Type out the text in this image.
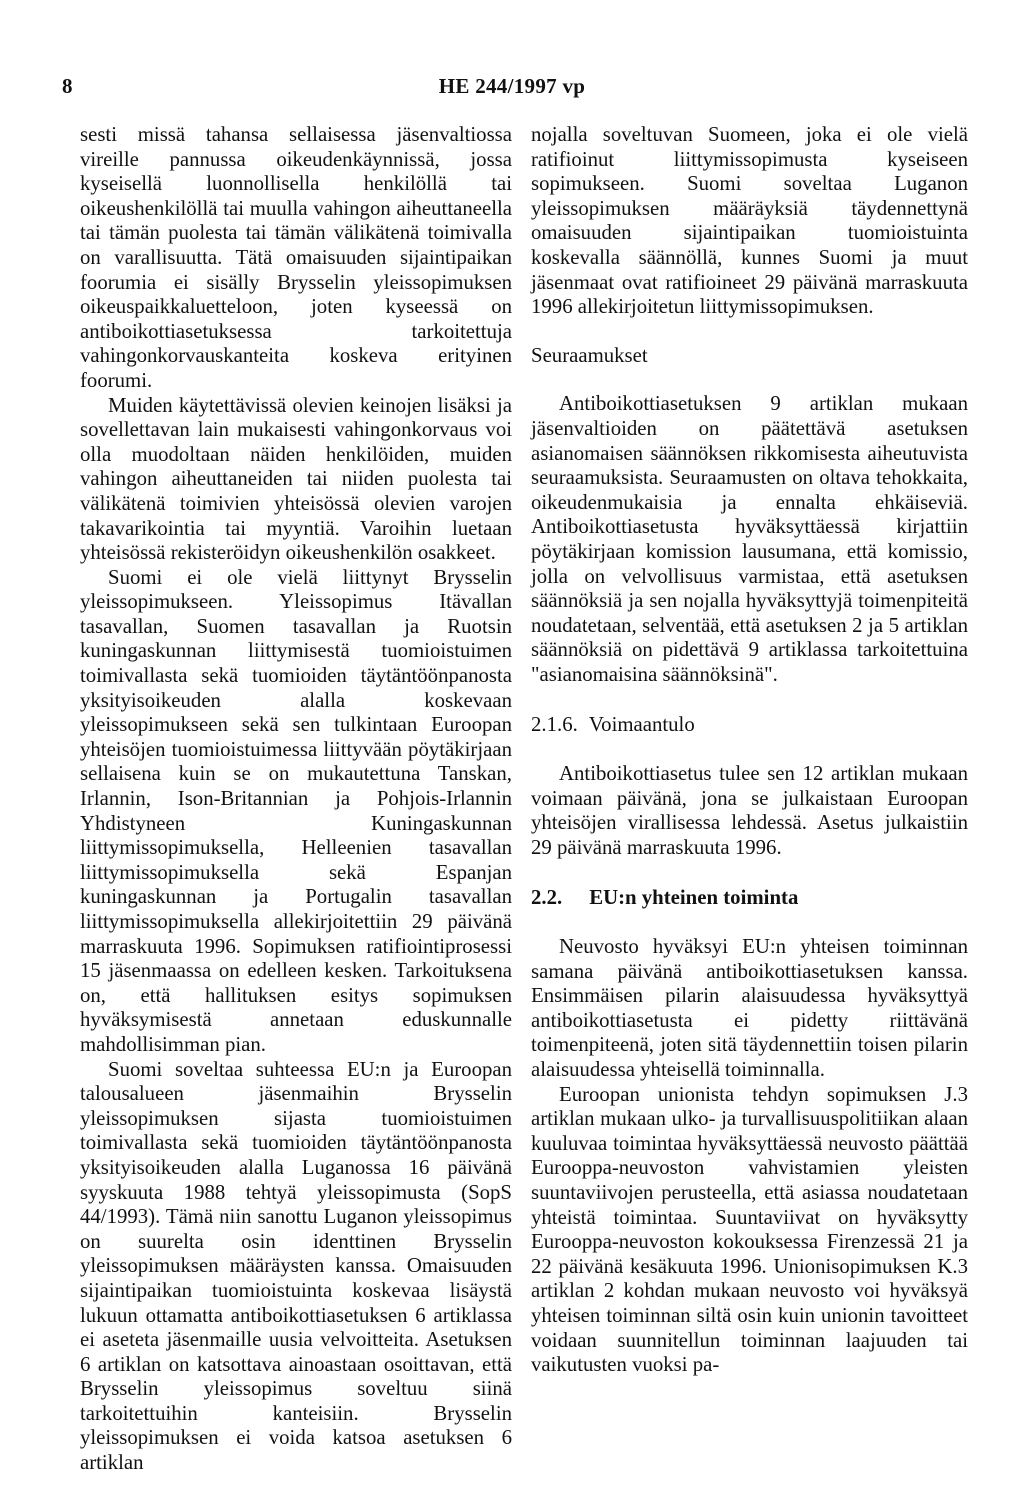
8	HE 244/1997 vp

sesti missä tahansa sellaisessa jäsenvaltiossa vireille pannussa oikeudenkäynnissä, jossa kyseisellä luonnollisella henkilöllä tai oikeushenkilöllä tai muulla vahingon aiheuttaneella tai tämän puolesta tai tämän välikätenä toimivalla on varallisuutta. Tätä omaisuuden sijaintipaikan foorumia ei sisälly Brysselin yleissopimuksen oikeuspaikkaluetteloon, joten kyseessä on antiboikottiasetuksessa tarkoitettuja vahingonkorvauskanteita koskeva erityinen foorumi.

Muiden käytettävissä olevien keinojen lisäksi ja sovellettavan lain mukaisesti vahingonkorvaus voi olla muodoltaan näiden henkilöiden, muiden vahingon aiheuttaneiden tai niiden puolesta tai välikätenä toimivien yhteisössä olevien varojen takavarikointia tai myyntiä. Varoihin luetaan yhteisössä rekisteröidyn oikeushenkilön osakkeet.

Suomi ei ole vielä liittynyt Brysselin yleissopimukseen. Yleissopimus Itävallan tasavallan, Suomen tasavallan ja Ruotsin kuningaskunnan liittymisestä tuomioistuimen toimivallasta sekä tuomioiden täytäntöönpanosta yksityisoikeuden alalla koskevaan yleissopimukseen sekä sen tulkintaan Euroopan yhteisöjen tuomioistuimessa liittyvään pöytäkirjaan sellaisena kuin se on mukautettuna Tanskan, Irlannin, Ison-Britannian ja Pohjois-Irlannin Yhdistyneen Kuningaskunnan liittymissopimuksella, Helleenien tasavallan liittymissopimuksella sekä Espanjan kuningaskunnan ja Portugalin tasavallan liittymissopimuksella allekirjoitettiin 29 päivänä marraskuuta 1996. Sopimuksen ratifiointiprosessi 15 jäsenmaassa on edelleen kesken. Tarkoituksena on, että hallituksen esitys sopimuksen hyväksymisestä annetaan eduskunnalle mahdollisimman pian.

Suomi soveltaa suhteessa EU:n ja Euroopan talousalueen jäsenmaihin Brysselin yleissopimuksen sijasta tuomioistuimen toimivallasta sekä tuomioiden täytäntöönpanosta yksityisoikeuden alalla Luganossa 16 päivänä syyskuuta 1988 tehtyä yleissopimusta (SopS 44/1993). Tämä niin sanottu Luganon yleissopimus on suurelta osin identtinen Brysselin yleissopimuksen määräysten kanssa. Omaisuuden sijaintipaikan tuomioistuinta koskevaa lisäystä lukuun ottamatta antiboikottiasetuksen 6 artiklassa ei aseteta jäsenmaille uusia velvoitteita. Asetuksen 6 artiklan on katsottava ainoastaan osoittavan, että Brysselin yleissopimus soveltuu siinä tarkoitettuihin kanteisiin. Brysselin yleissopimuksen ei voida katsoa asetuksen 6 artiklan

nojalla soveltuvan Suomeen, joka ei ole vielä ratifioinut liittymissopimusta kyseiseen sopimukseen. Suomi soveltaa Luganon yleissopimuksen määräyksiä täydennettynä omaisuuden sijaintipaikan tuomioistuinta koskevalla säännöllä, kunnes Suomi ja muut jäsenmaat ovat ratifioineet 29 päivänä marraskuuta 1996 allekirjoitetun liittymissopimuksen.

Seuraamukset

Antiboikottiasetuksen 9 artiklan mukaan jäsenvaltioiden on päätettävä asetuksen asianomaisen säännöksen rikkomisesta aiheutuvista seuraamuksista. Seuraamusten on oltava tehokkaita, oikeudenmukaisia ja ennalta ehkäiseviä. Antiboikottiasetusta hyväksyttäessä kirjattiin pöytäkirjaan komission lausumana, että komissio, jolla on velvollisuus varmistaa, että asetuksen säännöksiä ja sen nojalla hyväksyttyjä toimenpiteitä noudatetaan, selventää, että asetuksen 2 ja 5 artiklan säännöksiä on pidettävä 9 artiklassa tarkoitettuina "asianomaisina säännöksinä".

2.1.6. Voimaantulo

Antiboikottiasetus tulee sen 12 artiklan mukaan voimaan päivänä, jona se julkaistaan Euroopan yhteisöjen virallisessa lehdessä. Asetus julkaistiin 29 päivänä marraskuuta 1996.

2.2. EU:n yhteinen toiminta

Neuvosto hyväksyi EU:n yhteisen toiminnan samana päivänä antiboikottiasetuksen kanssa. Ensimmäisen pilarin alaisuudessa hyväksyttyä antiboikottiasetusta ei pidetty riittävänä toimenpiteenä, joten sitä täydennettiin toisen pilarin alaisuudessa yhteisellä toiminnalla.

Euroopan unionista tehdyn sopimuksen J.3 artiklan mukaan ulko- ja turvallisuuspolitiikan alaan kuuluvaa toimintaa hyväksyttäessä neuvosto päättää Eurooppa-neuvoston vahvistamien yleisten suuntaviivojen perusteella, että asiassa noudatetaan yhteistä toimintaa. Suuntaviivat on hyväksytty Eurooppa-neuvoston kokouksessa Firenzessä 21 ja 22 päivänä kesäkuuta 1996. Unionisopimuksen K.3 artiklan 2 kohdan mukaan neuvosto voi hyväksyä yhteisen toiminnan siltä osin kuin unionin tavoitteet voidaan suunnitellun toiminnan laajuuden tai vaikutusten vuoksi pa-
